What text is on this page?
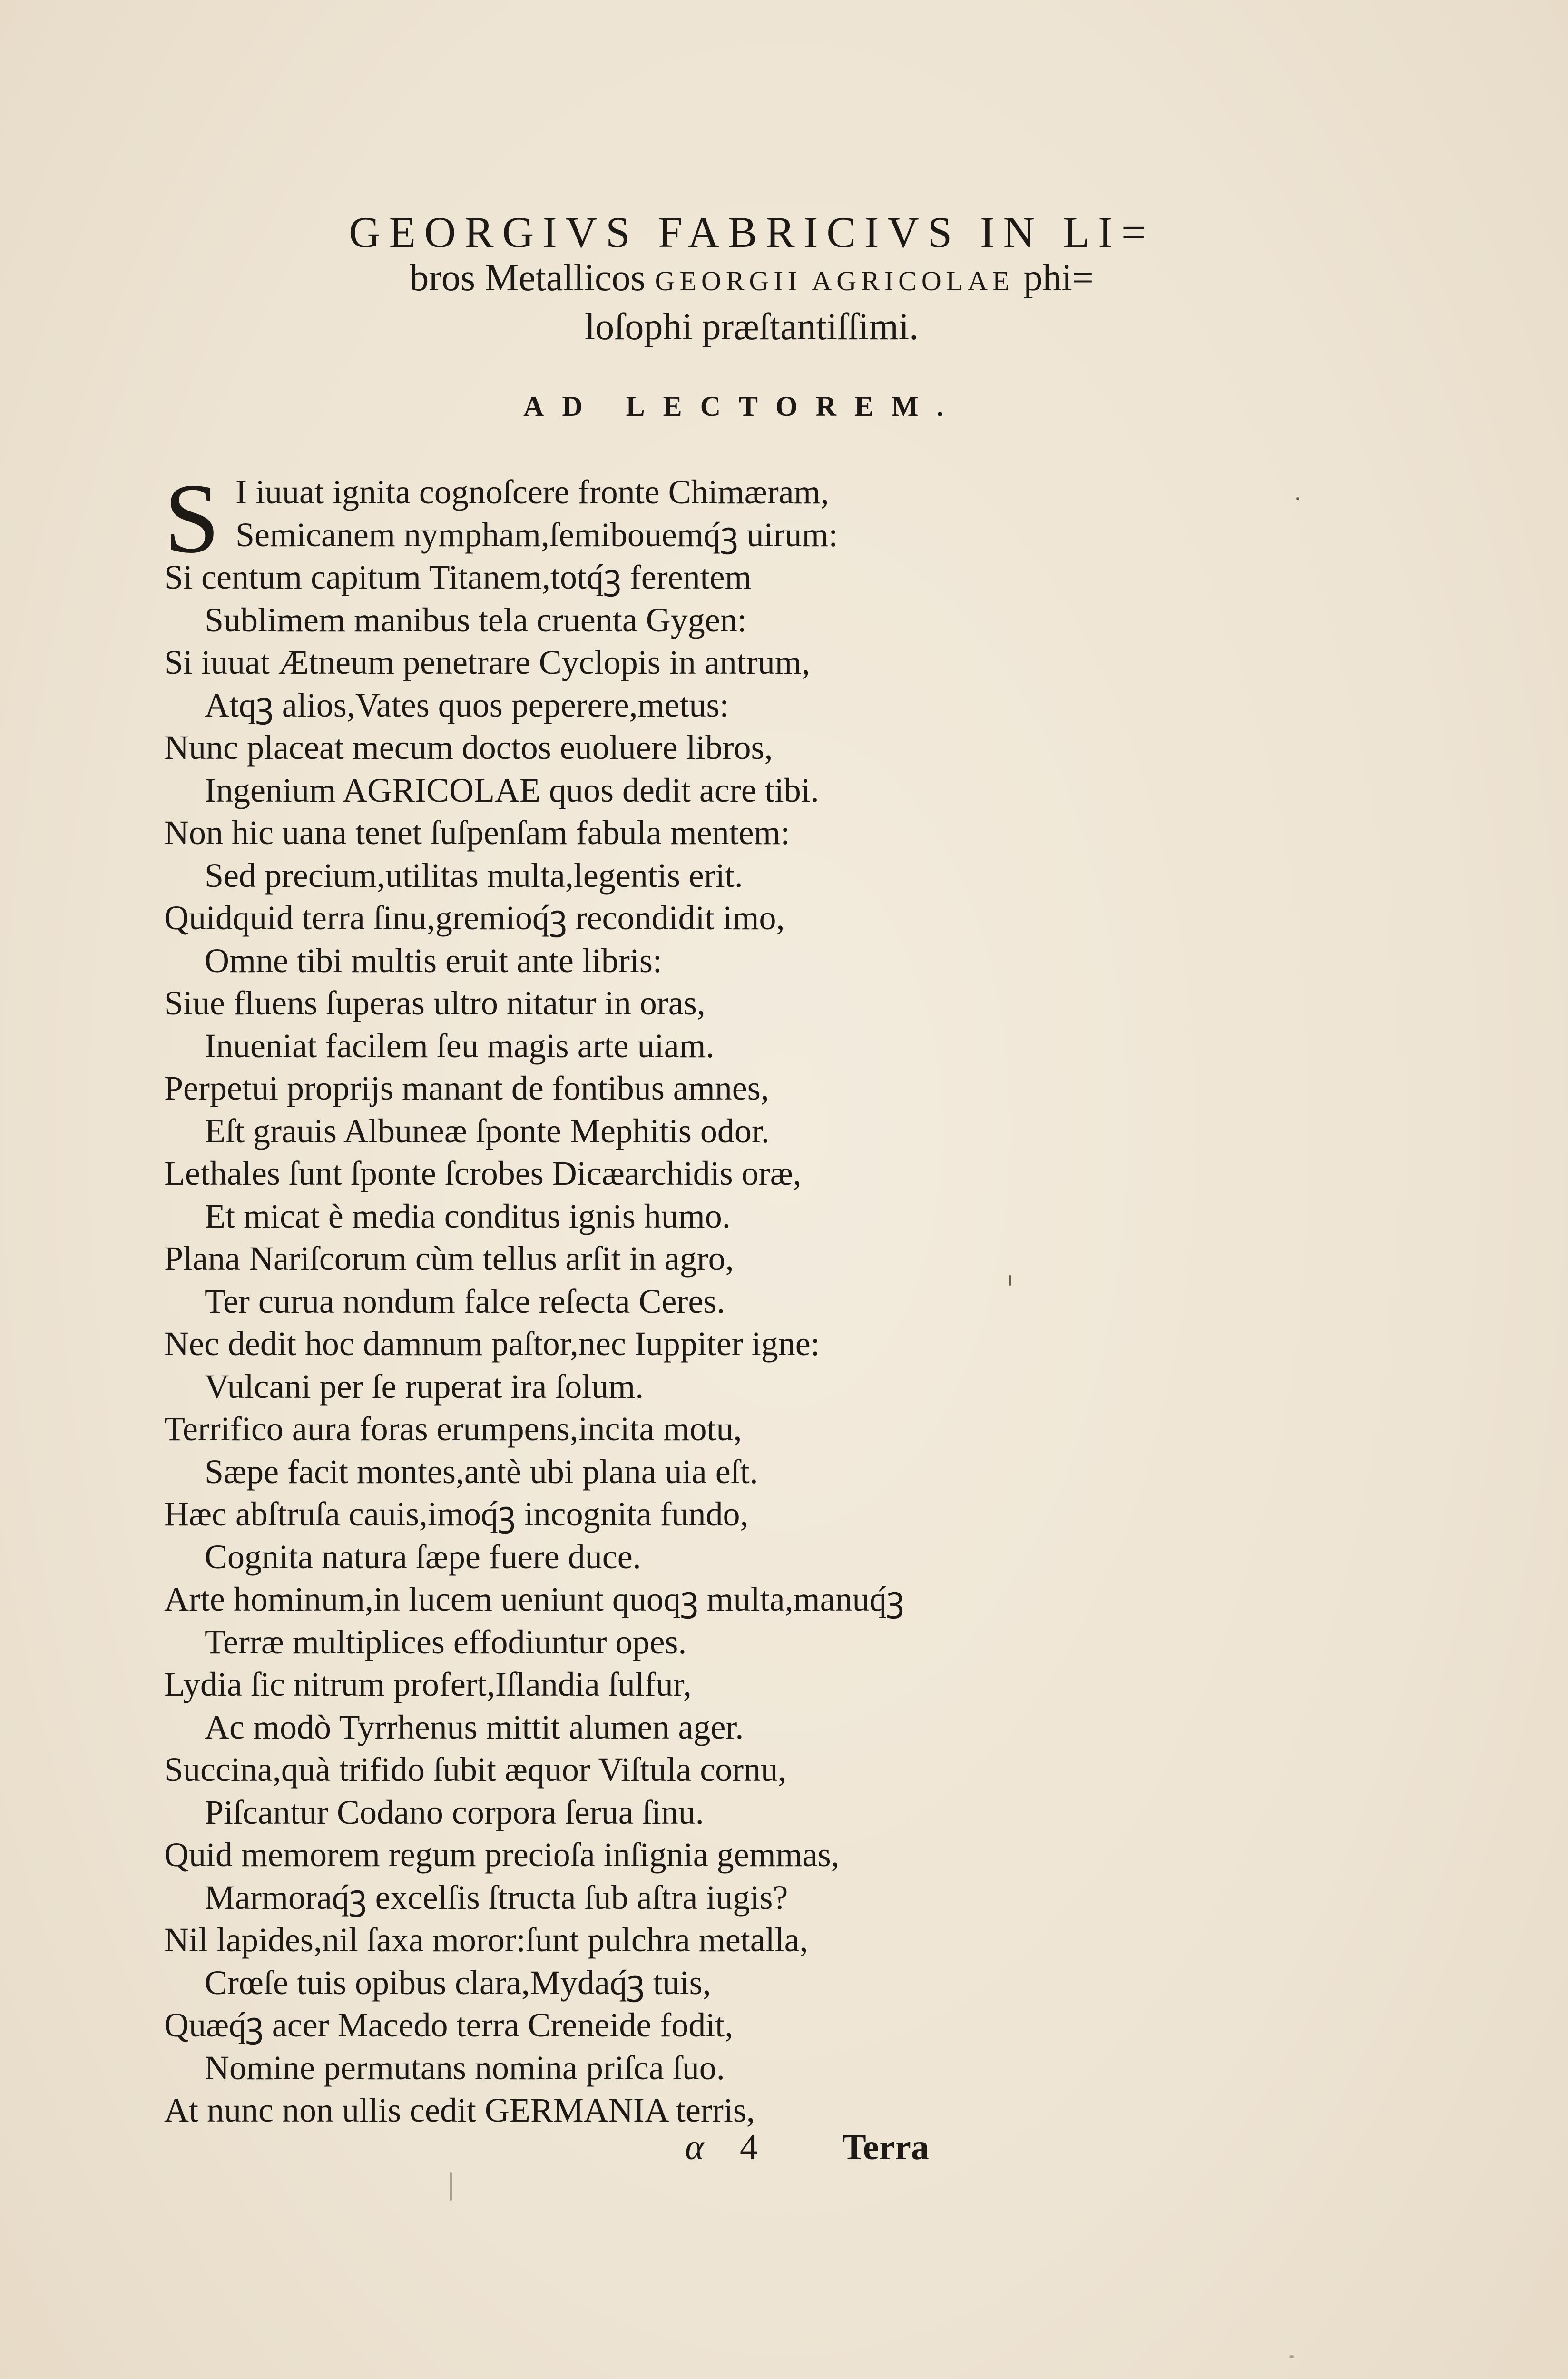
GEORGIVS FABRICIVS IN LI=
bros Metallicos GEORGII AGRICOLAE phi=
loſophi præſtantiſſimi.
AD LECTOREM.
S I iuuat ignita cognoſcere fronte Chimæram,
Semicanem nympham,ſemibouemq́ꝫ uirum:
Si centum capitum Titanem,totq́ꝫ ferentem
Sublimem manibus tela cruenta Gygen:
Si iuuat Ætneum penetrare Cyclopis in antrum,
Atqꝫ alios,Vates quos peperere,metus:
Nunc placeat mecum doctos euoluere libros,
Ingenium AGRICOLAE quos dedit acre tibi.
Non hic uana tenet ſuſpenſam fabula mentem:
Sed precium,utilitas multa,legentis erit.
Quidquid terra ſinu,gremioq́ꝫ recondidit imo,
Omne tibi multis eruit ante libris:
Siue fluens ſuperas ultro nitatur in oras,
Inueniat facilem ſeu magis arte uiam.
Perpetui proprijs manant de fontibus amnes,
Eſt grauis Albuneæ ſponte Mephitis odor.
Lethales ſunt ſponte ſcrobes Dicæarchidis oræ,
Et micat è media conditus ignis humo.
Plana Nariſcorum cùm tellus arſit in agro,
Ter curua nondum falce reſecta Ceres.
Nec dedit hoc damnum paſtor,nec Iuppiter igne:
Vulcani per ſe ruperat ira ſolum.
Terrifico aura foras erumpens,incita motu,
Sæpe facit montes,antè ubi plana uia eſt.
Hæc abſtruſa cauis,imoq́ꝫ incognita fundo,
Cognita natura ſæpe fuere duce.
Arte hominum,in lucem ueniunt quoqꝫ multa,manuq́ꝫ
Terræ multiplices effodiuntur opes.
Lydia ſic nitrum profert,Iſlandia ſulfur,
Ac modò Tyrrhenus mittit alumen ager.
Succina,quà trifido ſubit æquor Viſtula cornu,
Piſcantur Codano corpora ſerua ſinu.
Quid memorem regum precioſa inſignia gemmas,
Marmoraq́ꝫ excelſis ſtructa ſub aſtra iugis?
Nil lapides,nil ſaxa moror:ſunt pulchra metalla,
Crœſe tuis opibus clara,Mydaq́ꝫ tuis,
Quæq́ꝫ acer Macedo terra Creneide fodit,
Nomine permutans nomina priſca ſuo.
At nunc non ullis cedit GERMANIA terris,
α 4 Terra
